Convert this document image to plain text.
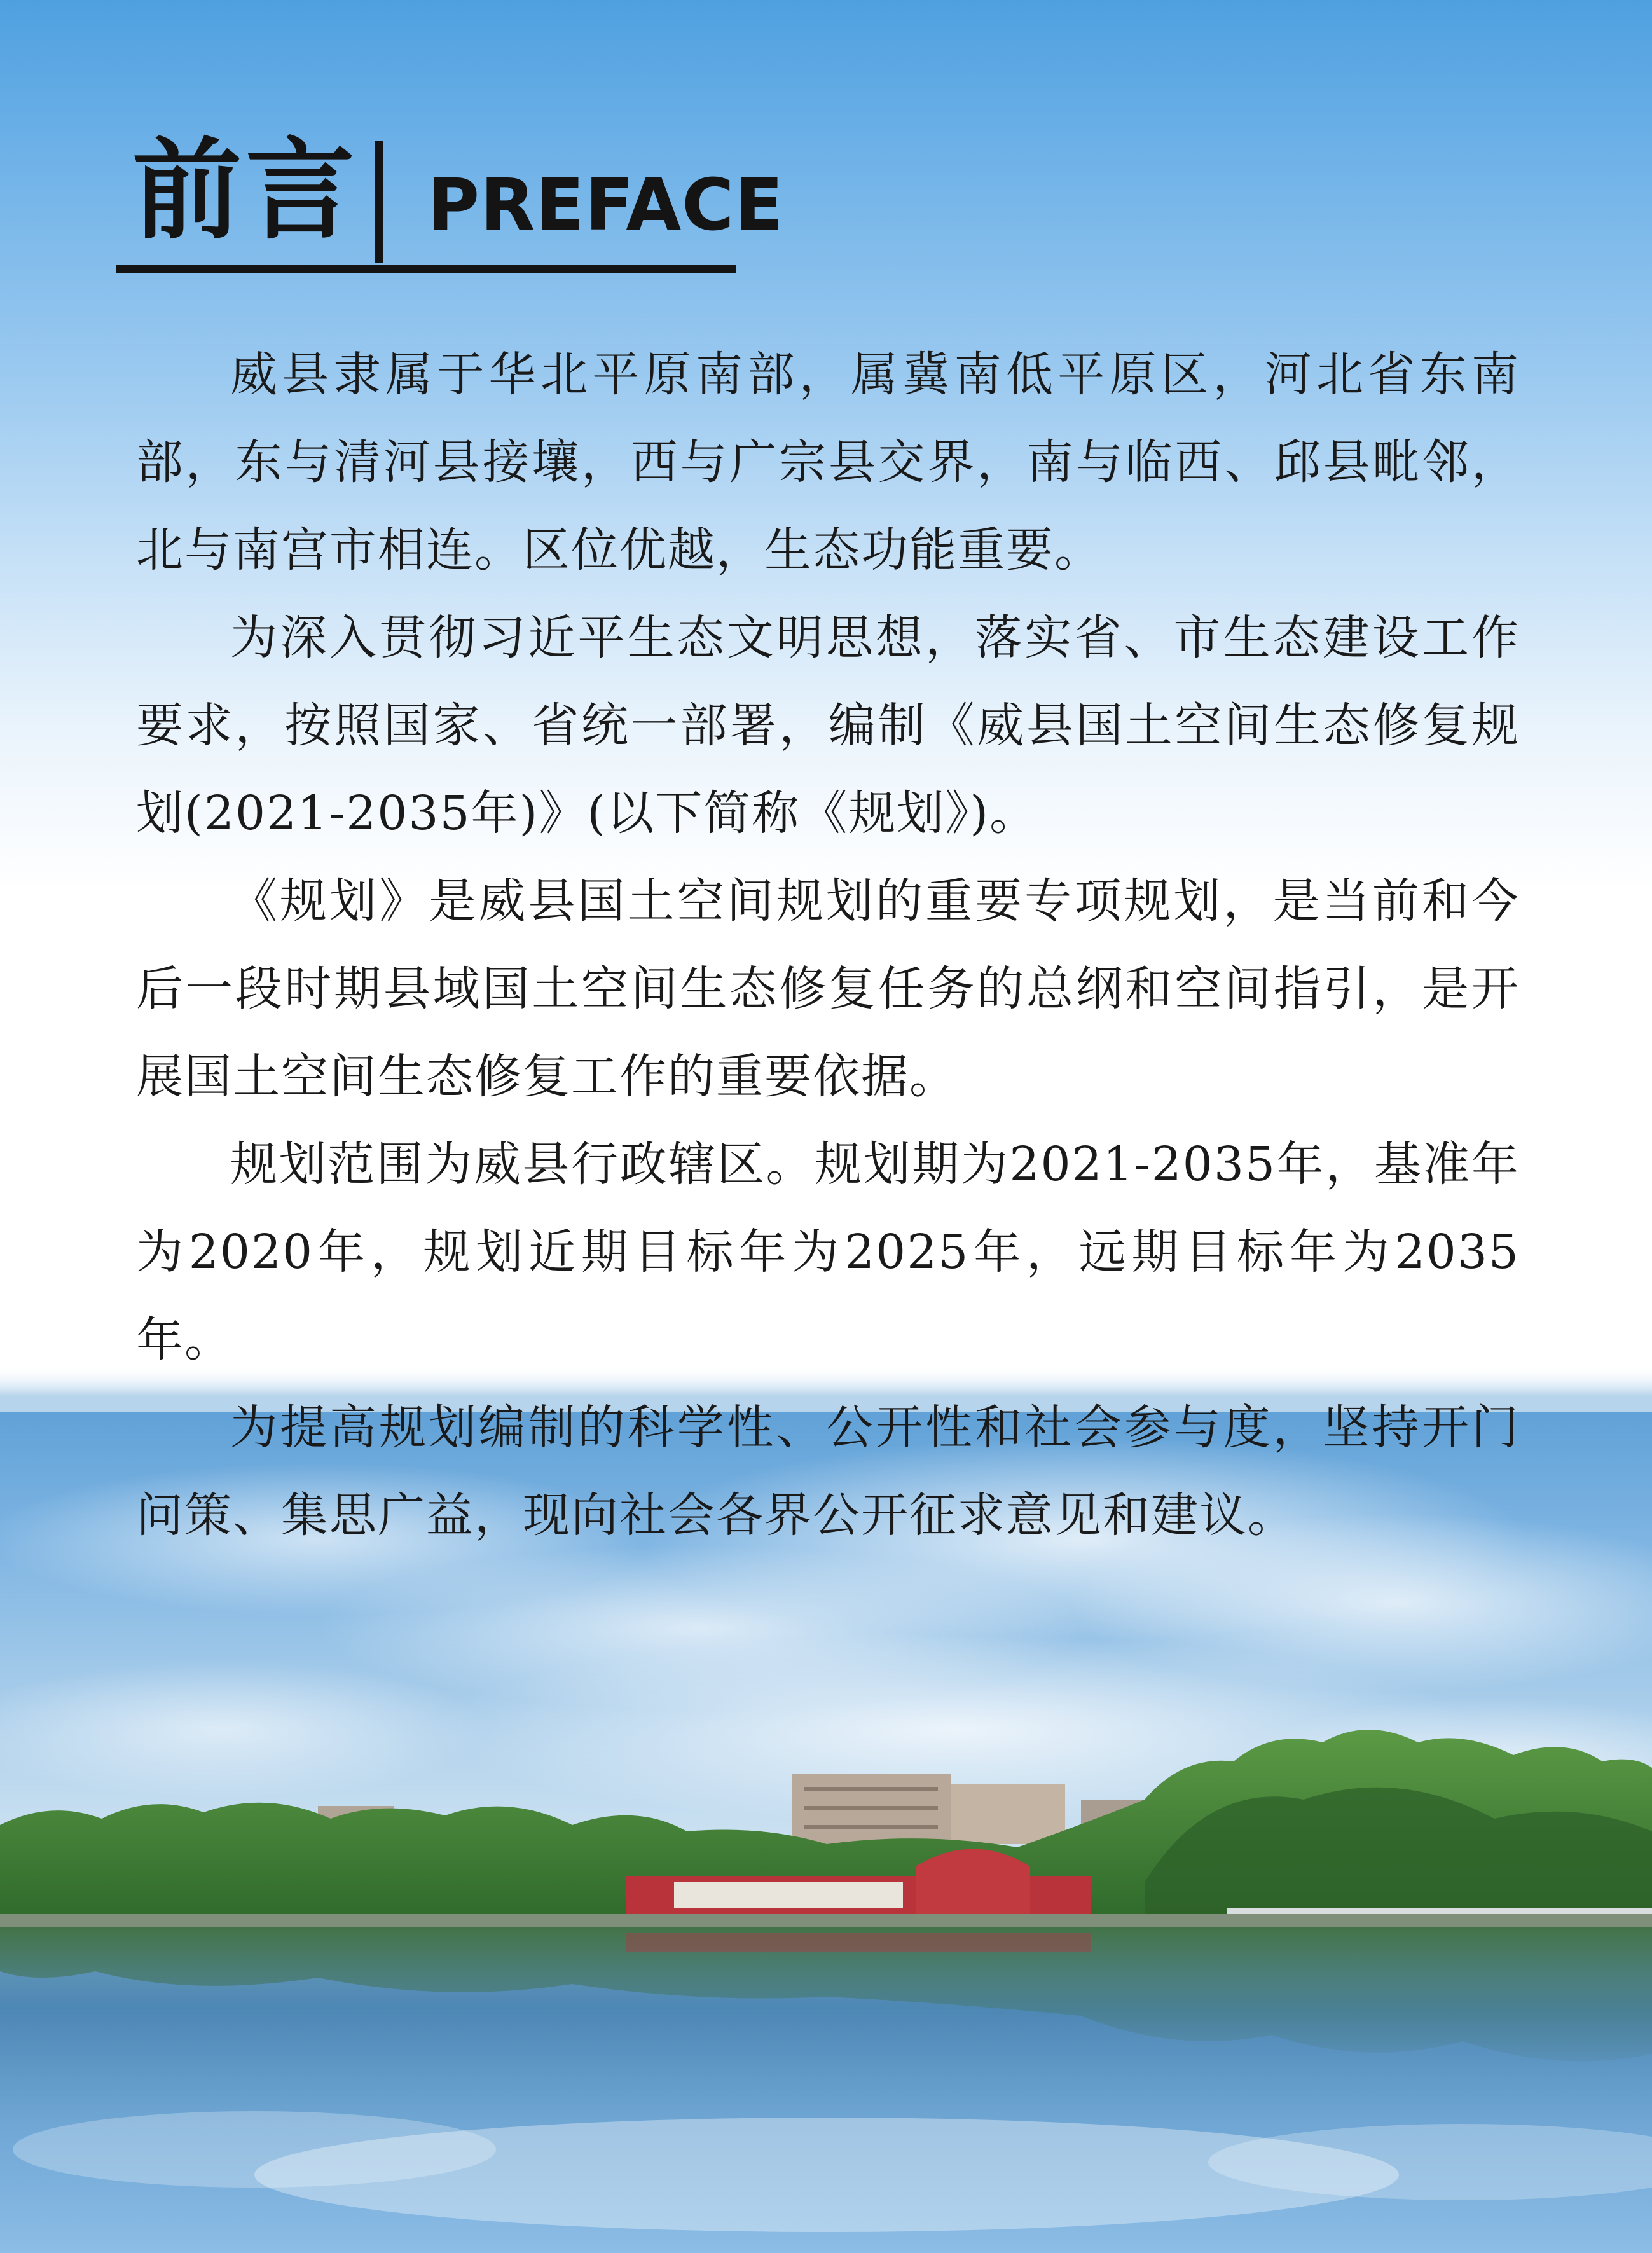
前言 PREFACE

威县隶属于华北平原南部，属冀南低平原区，河北省东南部，东与清河县接壤，西与广宗县交界，南与临西、邱县毗邻，北与南宫市相连。区位优越，生态功能重要。

为深入贯彻习近平生态文明思想，落实省、市生态建设工作要求，按照国家、省统一部署，编制《威县国土空间生态修复规划(2021-2035年)》(以下简称《规划》)。

《规划》是威县国土空间规划的重要专项规划，是当前和今后一段时期县域国土空间生态修复任务的总纲和空间指引，是开展国土空间生态修复工作的重要依据。

规划范围为威县行政辖区。规划期为2021-2035年，基准年为2020年，规划近期目标年为2025年，远期目标年为2035年。

为提高规划编制的科学性、公开性和社会参与度，坚持开门问策、集思广益，现向社会各界公开征求意见和建议。
